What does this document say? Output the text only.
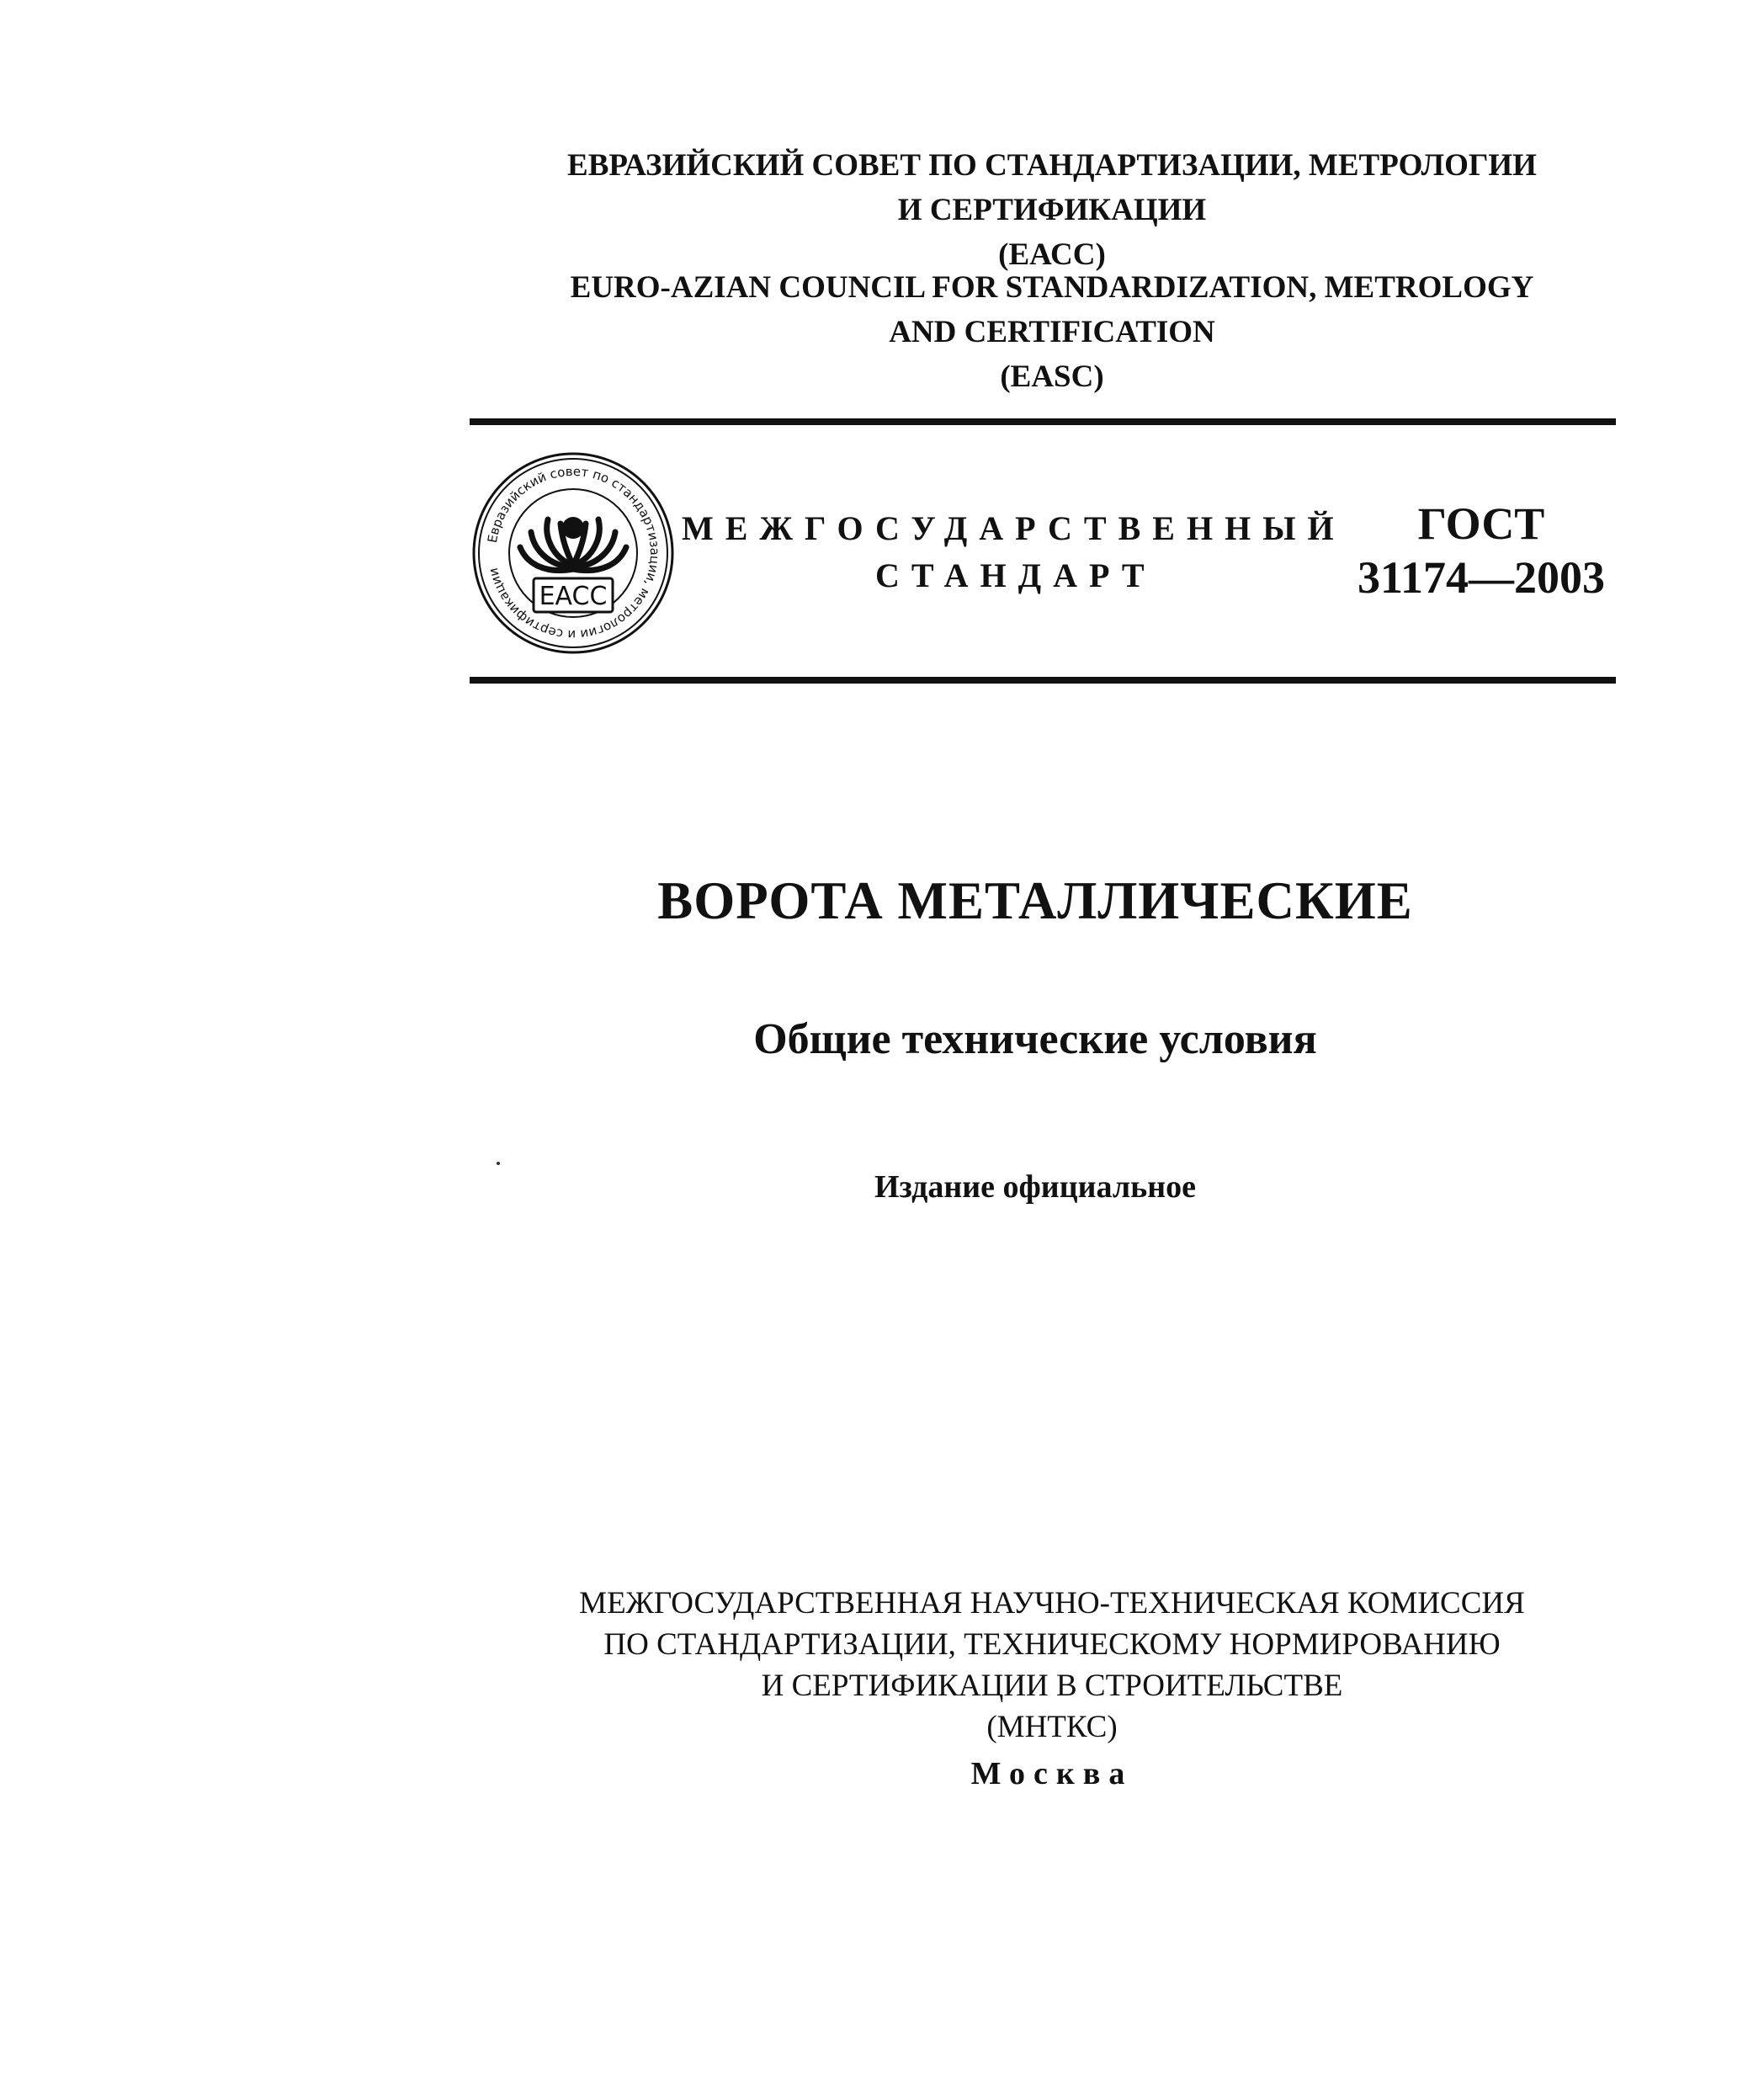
ЕВРАЗИЙСКИЙ СОВЕТ ПО СТАНДАРТИЗАЦИИ, МЕТРОЛОГИИ
И СЕРТИФИКАЦИИ
(ЕАСС)
EURO-AZIAN COUNCIL FOR STANDARDIZATION, METROLOGY
AND CERTIFICATION
(EASC)
Евразийский совет по стандартизации, метрологии и сертификации
EACC
МЕЖГОСУДАРСТВЕННЫЙ
СТАНДАРТ
ГОСТ
31174—2003
ВОРОТА МЕТАЛЛИЧЕСКИЕ
Общие технические условия
Издание официальное
МЕЖГОСУДАРСТВЕННАЯ НАУЧНО-ТЕХНИЧЕСКАЯ КОМИССИЯ
ПО СТАНДАРТИЗАЦИИ, ТЕХНИЧЕСКОМУ НОРМИРОВАНИЮ
И СЕРТИФИКАЦИИ В СТРОИТЕЛЬСТВЕ
(МНТКС)
Москва
